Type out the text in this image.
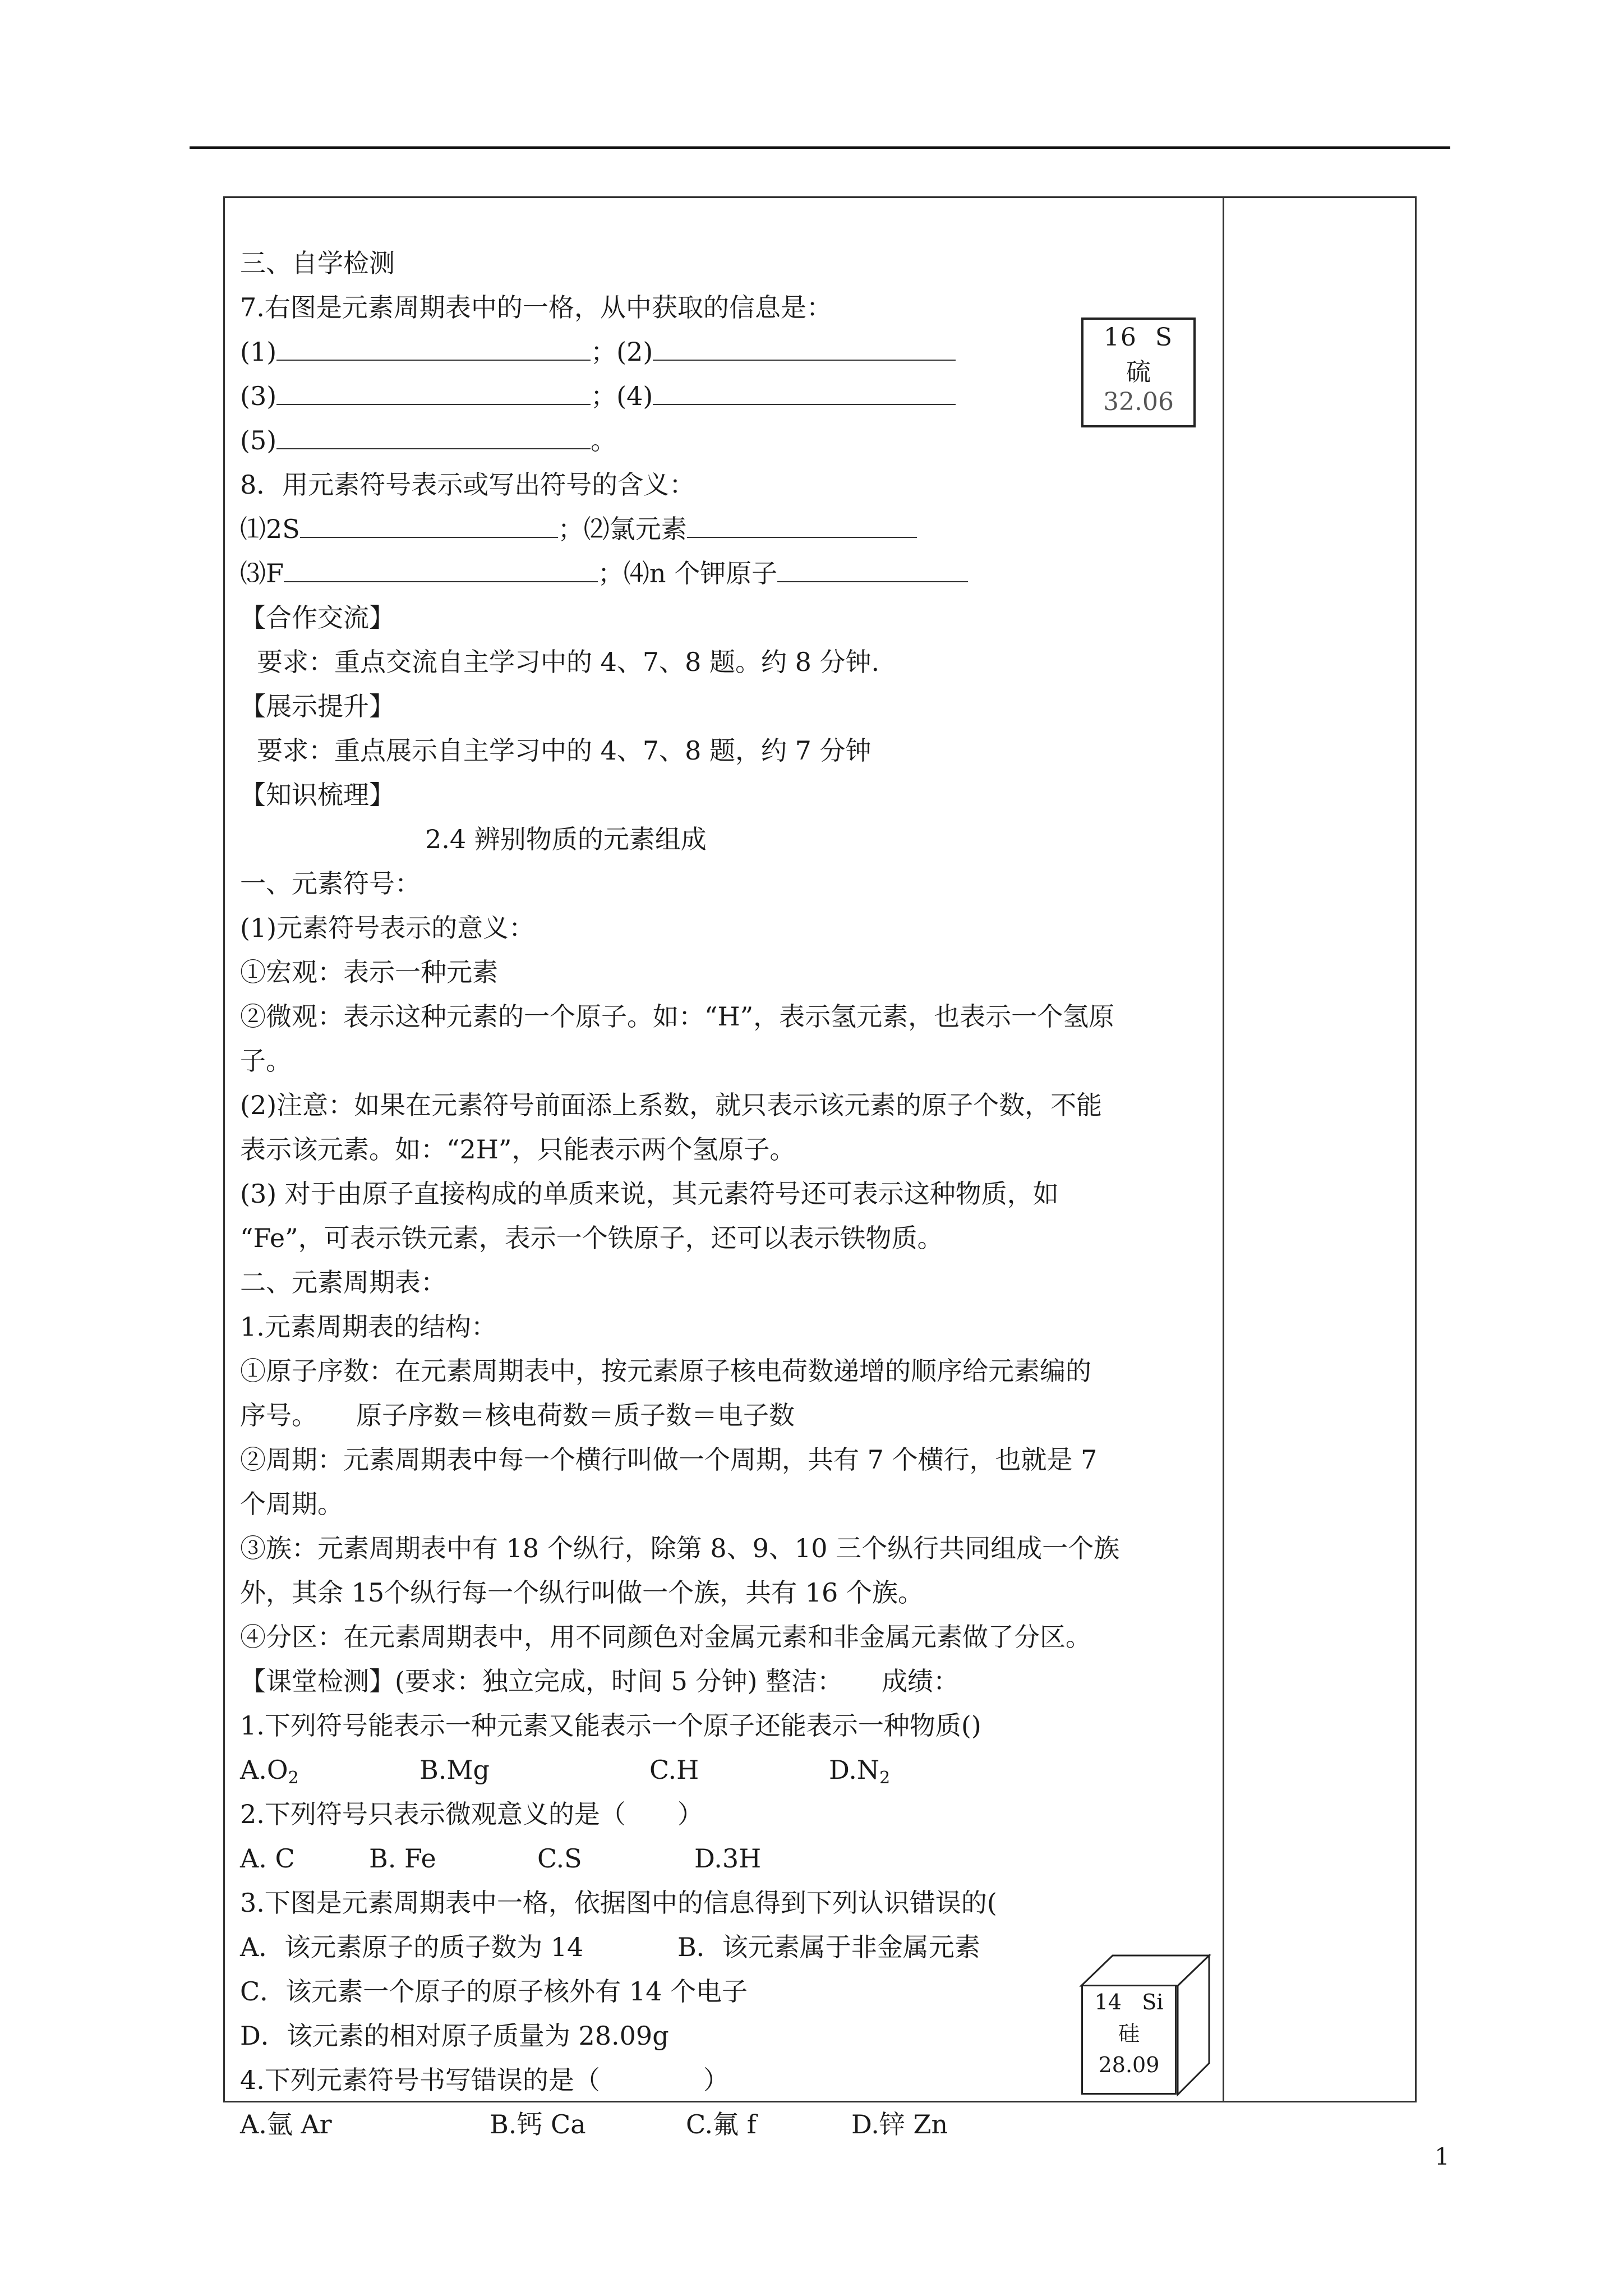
三、自学检测
7.右图是元素周期表中的一格，从中获取的信息是：
(1)	；(2)
(3)	；(4)
(5)	。
8．用元素符号表示或写出符号的含义：
⑴2S	；⑵氯元素
⑶F	；⑷n 个钾原子
【合作交流】
要求：重点交流自主学习中的 4、7、8 题。约 8 分钟.
【展示提升】
要求：重点展示自主学习中的 4、7、8 题，约 7 分钟
【知识梳理】
2.4 辨别物质的元素组成
一、元素符号：
(1)元素符号表示的意义：
①宏观：表示一种元素
②微观：表示这种元素的一个原子。如：“H”，表示氢元素，也表示一个氢原
子。
(2)注意：如果在元素符号前面添上系数，就只表示该元素的原子个数，不能
表示该元素。如：“2H”，只能表示两个氢原子。
(3) 对于由原子直接构成的单质来说，其元素符号还可表示这种物质，如
“Fe”，可表示铁元素，表示一个铁原子，还可以表示铁物质。
二、元素周期表：
1.元素周期表的结构：
①原子序数：在元素周期表中，按元素原子核电荷数递增的顺序给元素编的
序号。　　原子序数＝核电荷数＝质子数＝电子数
②周期：元素周期表中每一个横行叫做一个周期，共有 7 个横行，也就是 7
个周期。
③族：元素周期表中有 18 个纵行，除第 8、9、10 三个纵行共同组成一个族
外，其余 15个纵行每一个纵行叫做一个族，共有 16 个族。
④分区：在元素周期表中，用不同颜色对金属元素和非金属元素做了分区。
【课堂检测】(要求：独立完成，时间 5 分钟) 整洁：　　成绩：
1.下列符号能表示一种元素又能表示一个原子还能表示一种物质()
$A.O_2$	B.Mg	C.H	$D.N_2$
2.下列符号只表示微观意义的是（　　）
A. C	B. Fe	C.S	D.3H
3.下图是元素周期表中一格，依据图中的信息得到下列认识错误的(
A．该元素原子的质子数为 14	B．该元素属于非金属元素
C．该元素一个原子的原子核外有 14 个电子
D．该元素的相对原子质量为 28.09g
4.下列元素符号书写错误的是（　　　　）
A.氩 Ar	B.钙 Ca	C.氟 f	D.锌 Zn
16 S
硫
32.06
14 Si
硅
28.09
1
